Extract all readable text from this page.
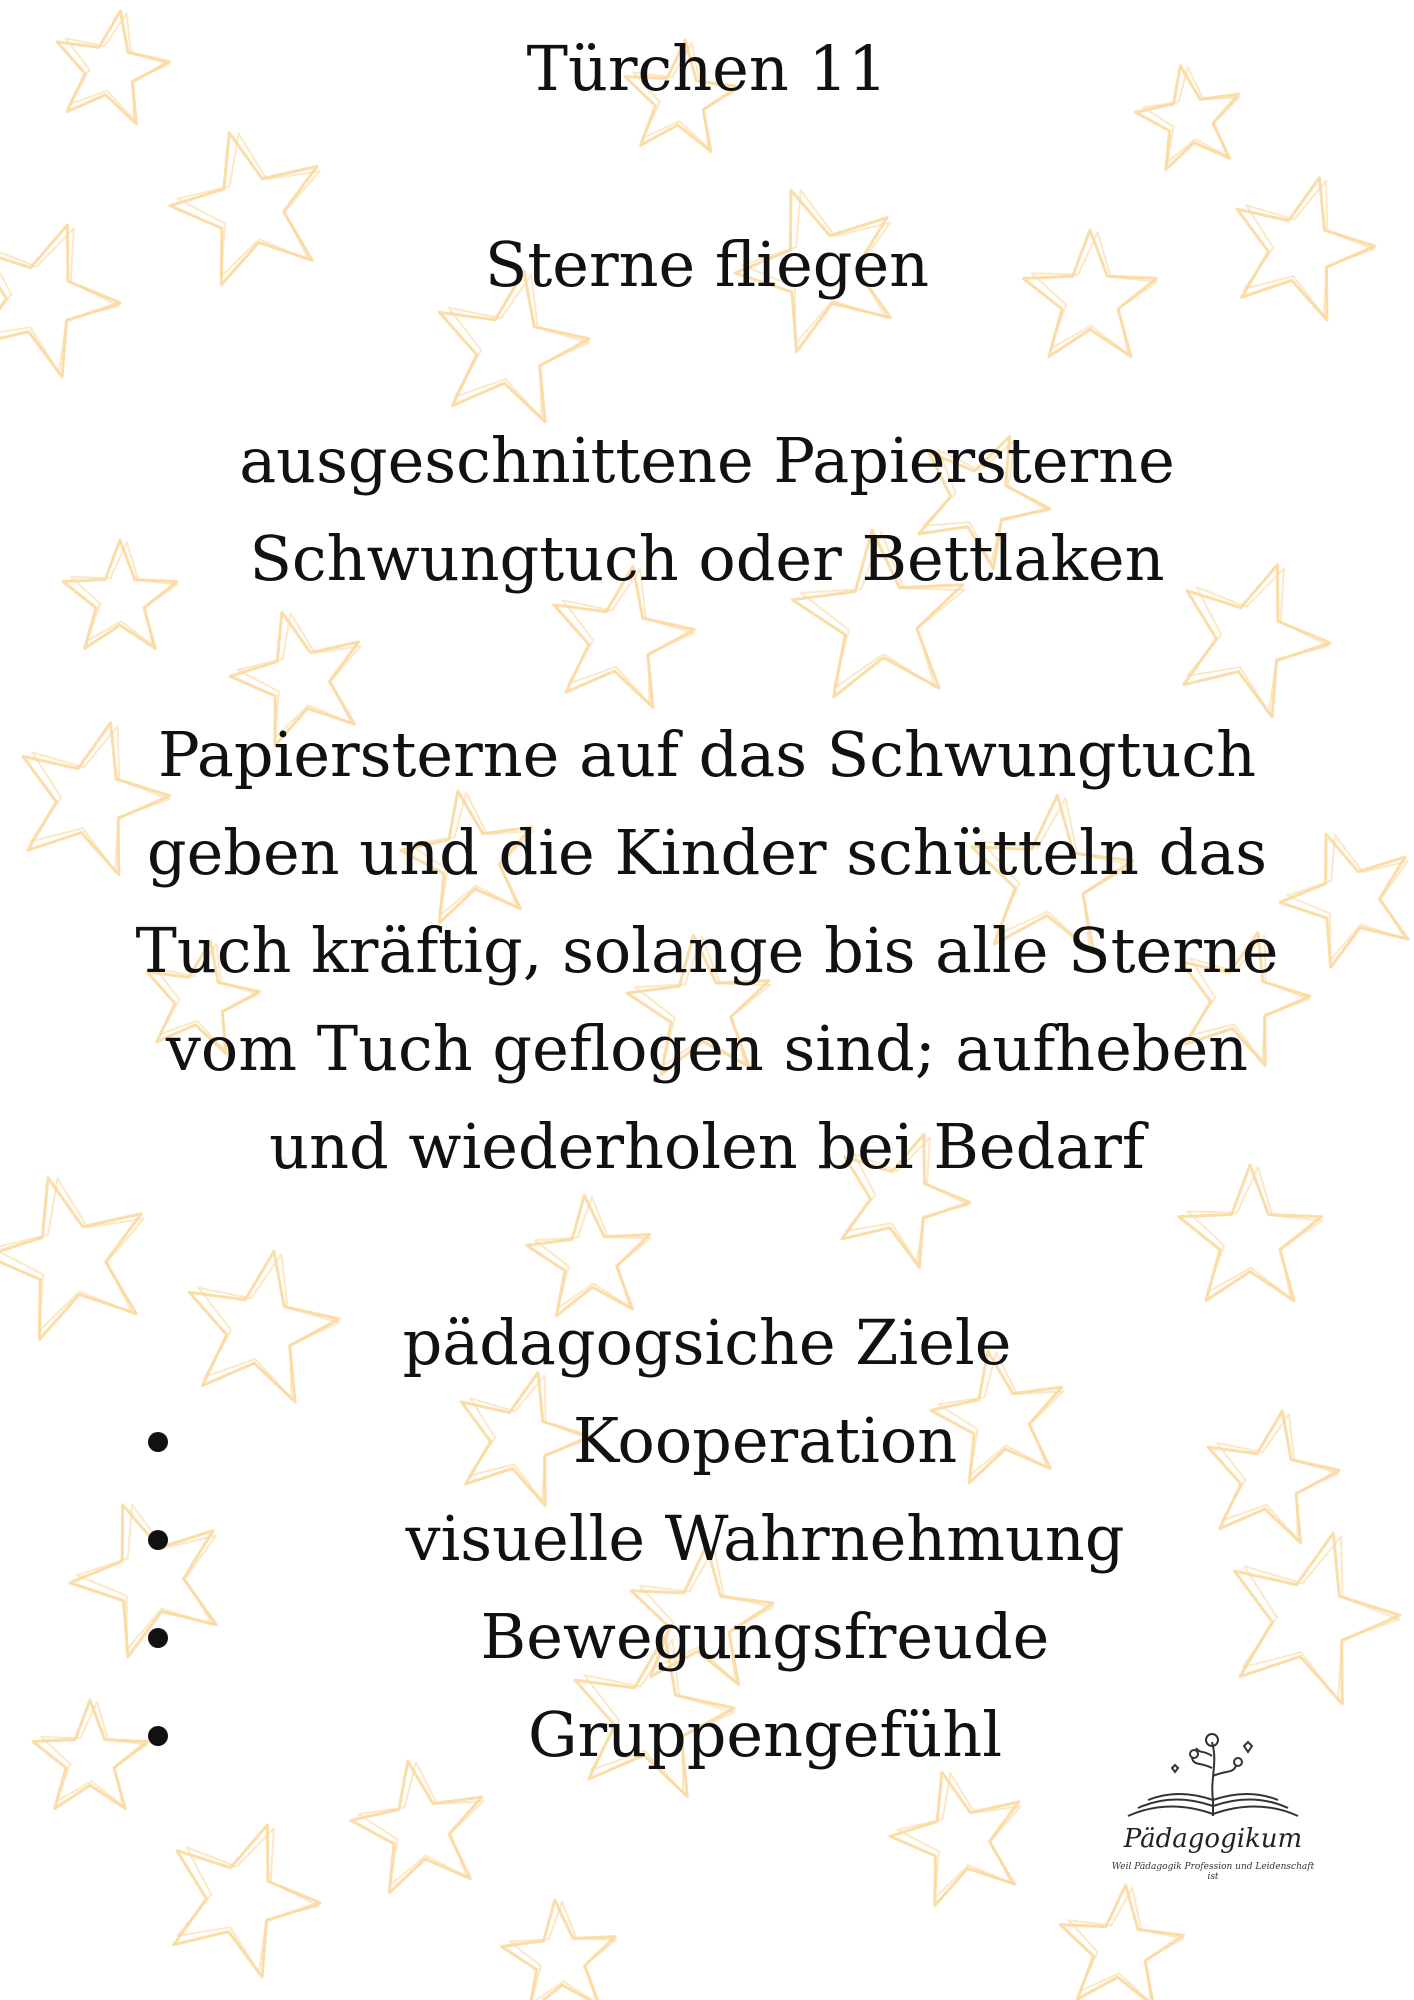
Türchen 11
Sterne fliegen
ausgeschnittene Papiersterne
Schwungtuch oder Bettlaken
Papiersterne auf das Schwungtuch
geben und die Kinder schütteln das
Tuch kräftig, solange bis alle Sterne
vom Tuch geflogen sind; aufheben
und wiederholen bei Bedarf
pädagogsiche Ziele
Kooperation
visuelle Wahrnehmung
Bewegungsfreude
Gruppengefühl
Pädagogikum
Weil Pädagogik Profession und Leidenschaft ist
